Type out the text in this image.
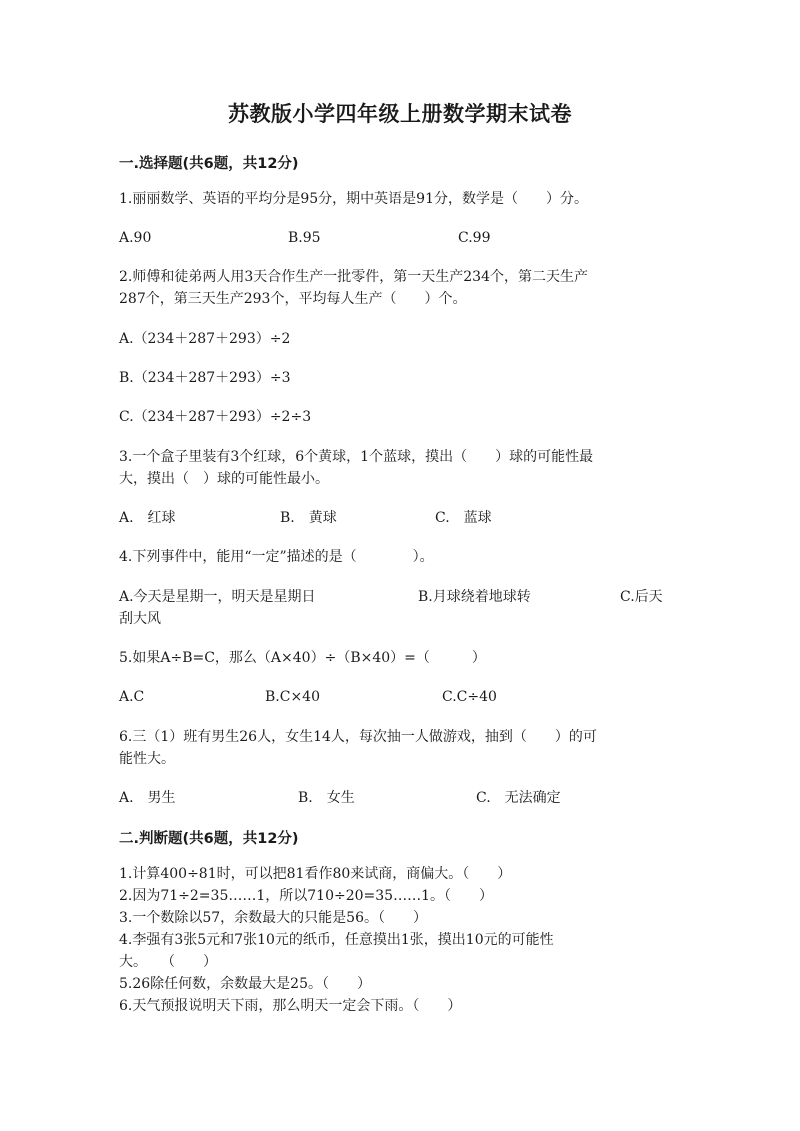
苏教版小学四年级上册数学期末试卷
一.选择题(共6题，共12分)
1.丽丽数学、英语的平均分是95分，期中英语是91分，数学是（　　）分。
A.90	B.95	C.99
2.师傅和徒弟两人用3天合作生产一批零件，第一天生产234个，第二天生产
287个，第三天生产293个，平均每人生产（　　）个。
A.（234＋287＋293）÷2
B.（234＋287＋293）÷3
C.（234＋287＋293）÷2÷3
3.一个盒子里装有3个红球，6个黄球，1个蓝球，摸出（　　）球的可能性最
大，摸出（　）球的可能性最小。
A.　红球	B.　黄球	C.　蓝球
4.下列事件中，能用“一定”描述的是（　　　　）。
A.今天是星期一，明天是星期日	B.月球绕着地球转	C.后天
刮大风
5.如果A÷B=C，那么（A×40）÷（B×40）=（　　　）
A.C	B.C×40	C.C÷40
6.三（1）班有男生26人，女生14人，每次抽一人做游戏，抽到（　　）的可
能性大。
A.　男生	B.　女生	C.　无法确定
二.判断题(共6题，共12分)
1.计算400÷81时，可以把81看作80来试商，商偏大。（　　）
2.因为71÷2=35……1，所以710÷20=35……1。（　　）
3.一个数除以57，余数最大的只能是56。（　　）
4.李强有3张5元和7张10元的纸币，任意摸出1张，摸出10元的可能性
大。　　（　　）
5.26除任何数，余数最大是25。（　　）
6.天气预报说明天下雨，那么明天一定会下雨。（　　）
